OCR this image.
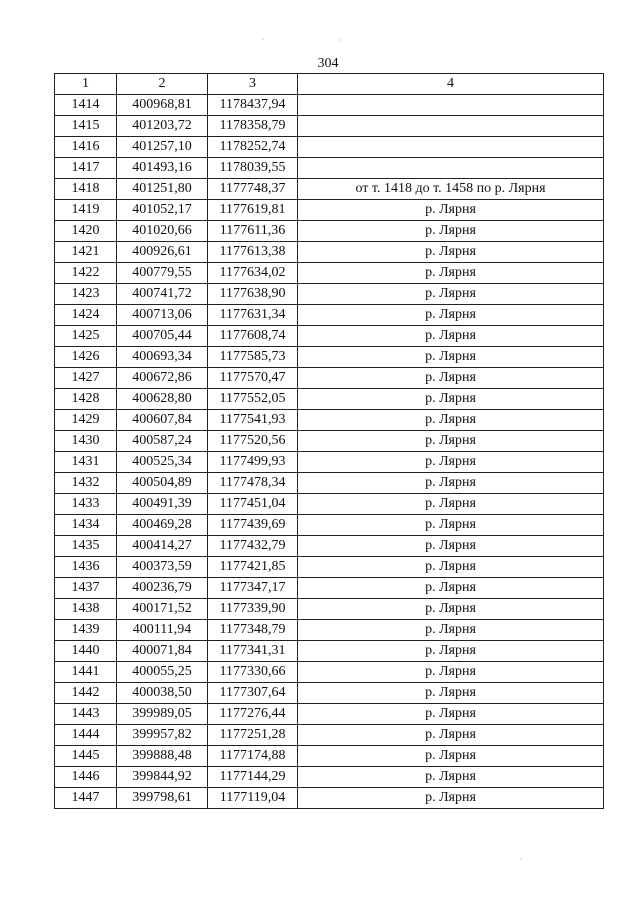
304
1	2	3	4
1414	400968,81	1178437,94	
1415	401203,72	1178358,79	
1416	401257,10	1178252,74	
1417	401493,16	1178039,55	
1418	401251,80	1177748,37	от т. 1418 до т. 1458 по р. Лярня
1419	401052,17	1177619,81	р. Лярня
1420	401020,66	1177611,36	р. Лярня
1421	400926,61	1177613,38	р. Лярня
1422	400779,55	1177634,02	р. Лярня
1423	400741,72	1177638,90	р. Лярня
1424	400713,06	1177631,34	р. Лярня
1425	400705,44	1177608,74	р. Лярня
1426	400693,34	1177585,73	р. Лярня
1427	400672,86	1177570,47	р. Лярня
1428	400628,80	1177552,05	р. Лярня
1429	400607,84	1177541,93	р. Лярня
1430	400587,24	1177520,56	р. Лярня
1431	400525,34	1177499,93	р. Лярня
1432	400504,89	1177478,34	р. Лярня
1433	400491,39	1177451,04	р. Лярня
1434	400469,28	1177439,69	р. Лярня
1435	400414,27	1177432,79	р. Лярня
1436	400373,59	1177421,85	р. Лярня
1437	400236,79	1177347,17	р. Лярня
1438	400171,52	1177339,90	р. Лярня
1439	400111,94	1177348,79	р. Лярня
1440	400071,84	1177341,31	р. Лярня
1441	400055,25	1177330,66	р. Лярня
1442	400038,50	1177307,64	р. Лярня
1443	399989,05	1177276,44	р. Лярня
1444	399957,82	1177251,28	р. Лярня
1445	399888,48	1177174,88	р. Лярня
1446	399844,92	1177144,29	р. Лярня
1447	399798,61	1177119,04	р. Лярня
